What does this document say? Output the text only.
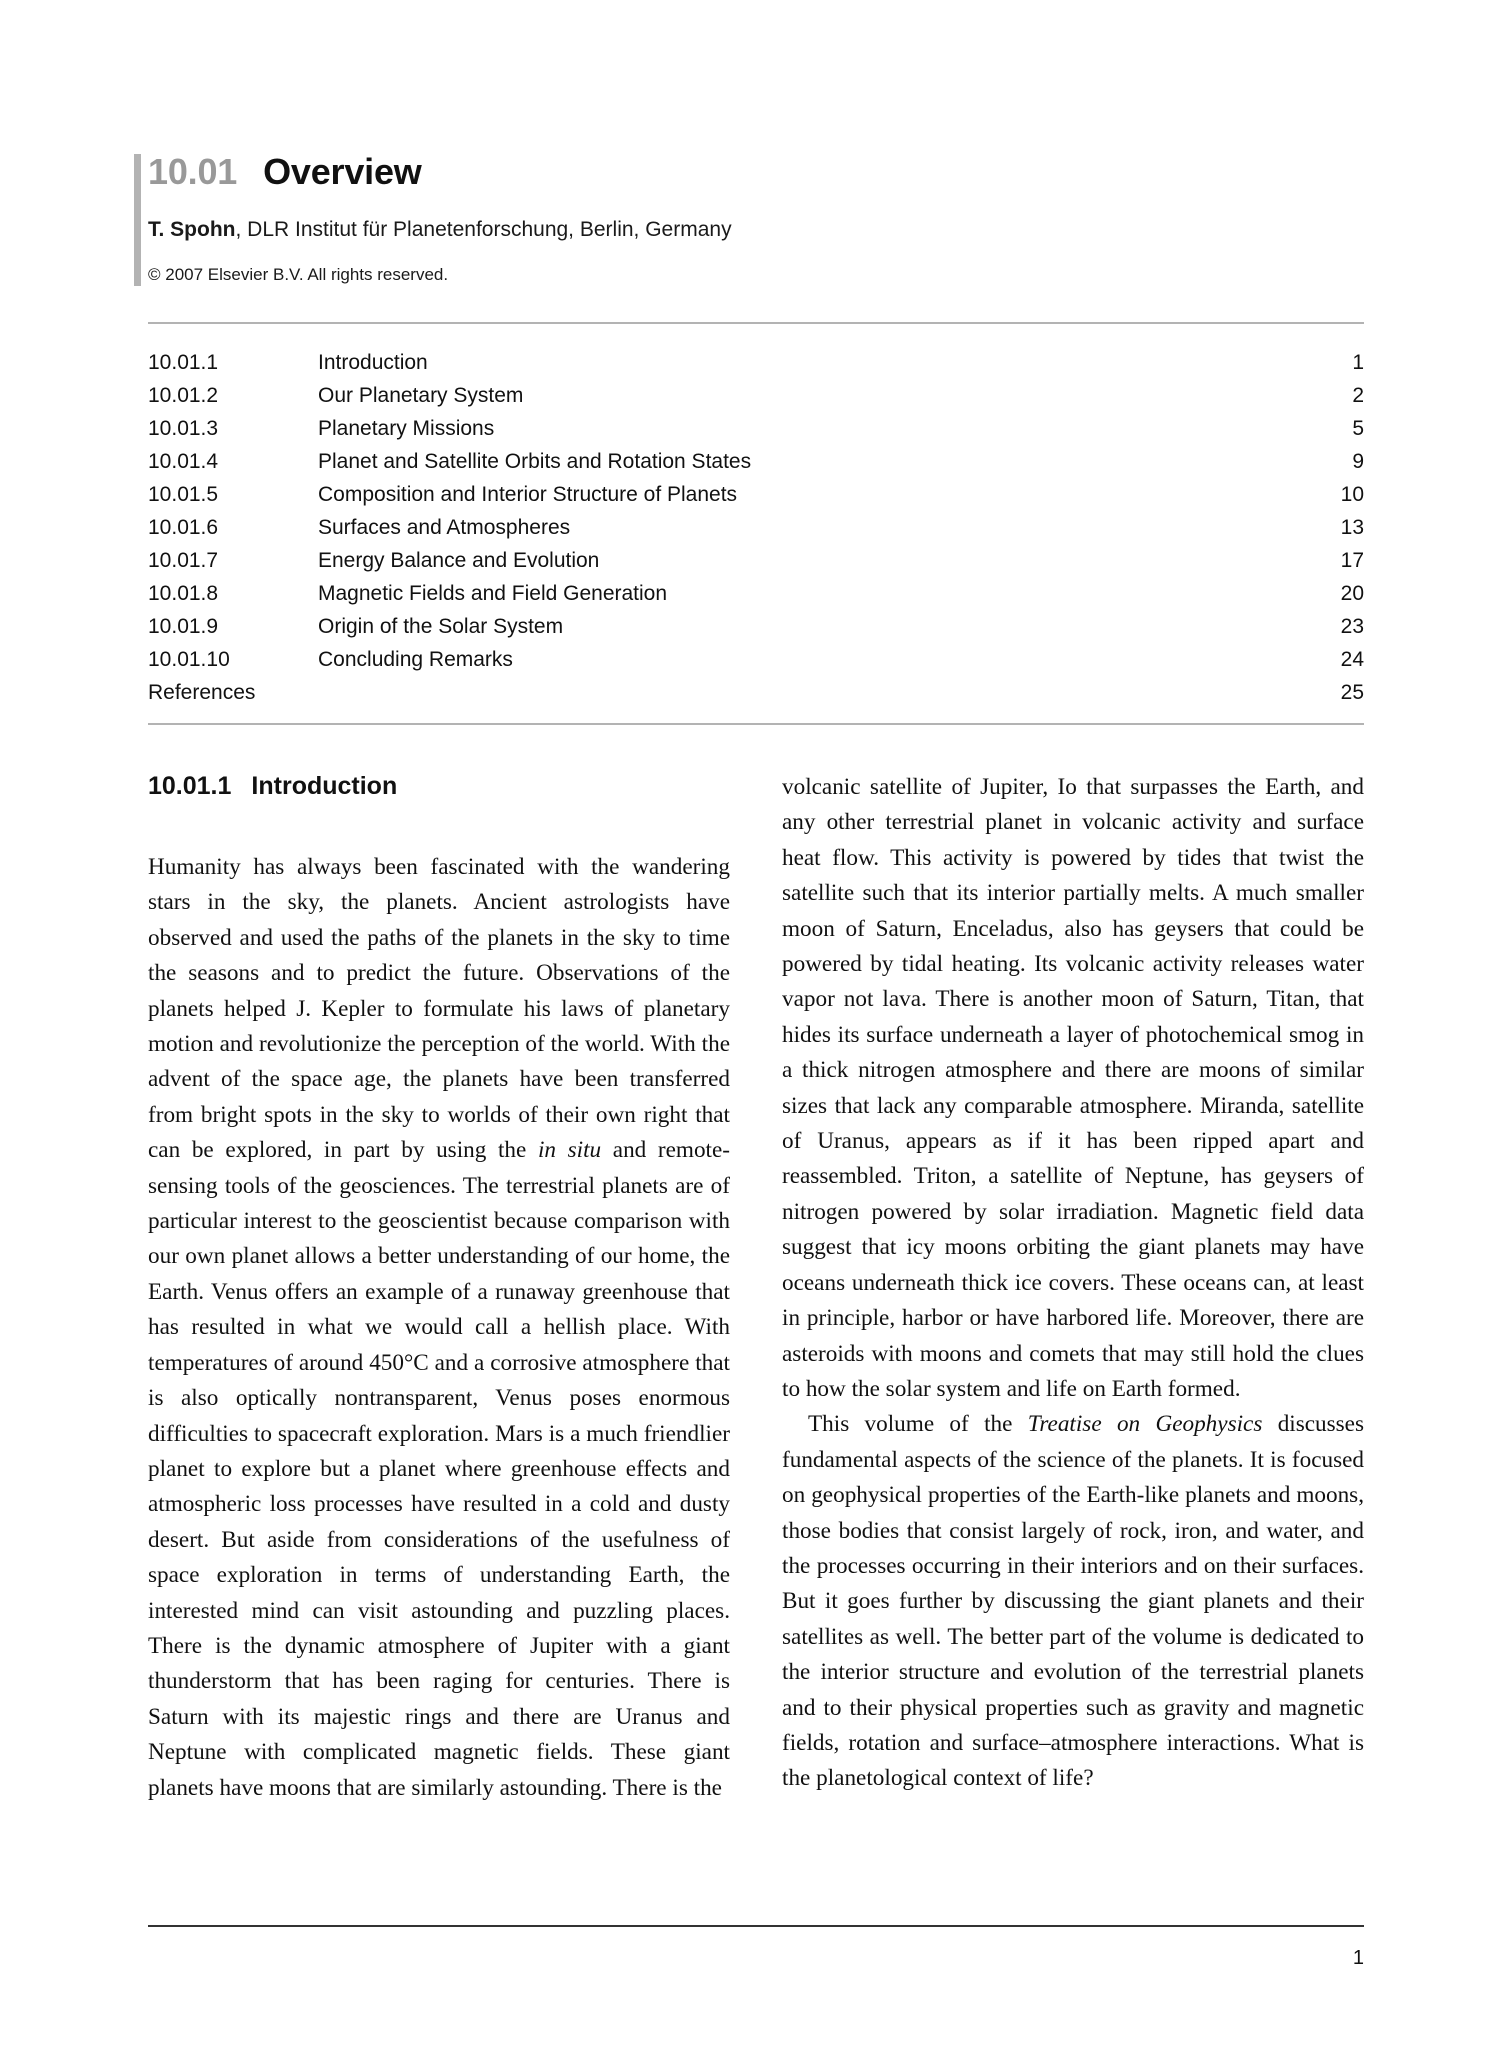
10.01 Overview
T. Spohn, DLR Institut für Planetenforschung, Berlin, Germany
© 2007 Elsevier B.V. All rights reserved.
10.01.1	Introduction	1
10.01.2	Our Planetary System	2
10.01.3	Planetary Missions	5
10.01.4	Planet and Satellite Orbits and Rotation States	9
10.01.5	Composition and Interior Structure of Planets	10
10.01.6	Surfaces and Atmospheres	13
10.01.7	Energy Balance and Evolution	17
10.01.8	Magnetic Fields and Field Generation	20
10.01.9	Origin of the Solar System	23
10.01.10	Concluding Remarks	24
References	25
10.01.1 Introduction

Humanity has always been fascinated with the wandering stars in the sky, the planets. Ancient astrologists have observed and used the paths of the planets in the sky to time the seasons and to predict the future. Observations of the planets helped J. Kepler to formulate his laws of planetary motion and revolutionize the perception of the world. With the advent of the space age, the planets have been transferred from bright spots in the sky to worlds of their own right that can be explored, in part by using the in situ and remote-sensing tools of the geosciences. The terrestrial planets are of particular interest to the geoscientist because comparison with our own planet allows a better understanding of our home, the Earth. Venus offers an example of a runaway greenhouse that has resulted in what we would call a hellish place. With temperatures of around 450°C and a corrosive atmosphere that is also optically nontransparent, Venus poses enormous difficulties to spacecraft exploration. Mars is a much friendlier planet to explore but a planet where greenhouse effects and atmospheric loss processes have resulted in a cold and dusty desert. But aside from considerations of the usefulness of space exploration in terms of understanding Earth, the interested mind can visit astounding and puzzling places. There is the dynamic atmosphere of Jupiter with a giant thunderstorm that has been raging for centuries. There is Saturn with its majestic rings and there are Uranus and Neptune with complicated magnetic fields. These giant planets have moons that are similarly astounding. There is the

volcanic satellite of Jupiter, Io that surpasses the Earth, and any other terrestrial planet in volcanic activity and surface heat flow. This activity is powered by tides that twist the satellite such that its interior partially melts. A much smaller moon of Saturn, Enceladus, also has geysers that could be powered by tidal heating. Its volcanic activity releases water vapor not lava. There is another moon of Saturn, Titan, that hides its surface underneath a layer of photochemical smog in a thick nitrogen atmosphere and there are moons of similar sizes that lack any comparable atmosphere. Miranda, satellite of Uranus, appears as if it has been ripped apart and reassembled. Triton, a satellite of Neptune, has geysers of nitrogen powered by solar irradiation. Magnetic field data suggest that icy moons orbiting the giant planets may have oceans underneath thick ice covers. These oceans can, at least in principle, harbor or have harbored life. Moreover, there are asteroids with moons and comets that may still hold the clues to how the solar system and life on Earth formed.

This volume of the Treatise on Geophysics discusses fundamental aspects of the science of the planets. It is focused on geophysical properties of the Earth-like planets and moons, those bodies that consist largely of rock, iron, and water, and the processes occurring in their interiors and on their surfaces. But it goes further by discussing the giant planets and their satellites as well. The better part of the volume is dedicated to the interior structure and evolution of the terrestrial planets and to their physical properties such as gravity and magnetic fields, rotation and surface–atmosphere interactions. What is the planetological context of life?

1
